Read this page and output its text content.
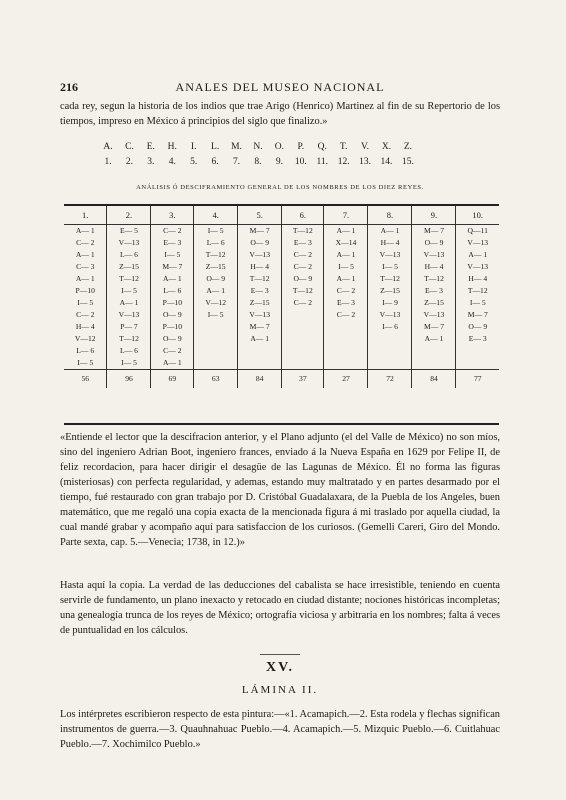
216	ANALES DEL MUSEO NACIONAL
cada rey, segun la historia de los indios que trae Arigo (Henrico) Martinez al fin de su Repertorio de los tiempos, impreso en México á principios del siglo que finalizo.»
A.	C.	E.	H.	I.	L.	M.	N.	O.	P.	Q.	T.	V.	X.	Z.
1.	2.	3.	4.	5.	6.	7.	8.	9.	10.	11.	12.	13.	14.	15.
ANÁLISIS Ó DESCIFRAMIENTO GENERAL DE LOS NOMBRES DE LOS DIEZ REYES.
1.	2.	3.	4.	5.	6.	7.	8.	9.	10.
A— 1	E— 5	C— 2	I— 5	M— 7	T—12	A— 1	A— 1	M— 7	Q—11
C— 2	V—13	E— 3	L— 6	O— 9	E— 3	X—14	H— 4	O— 9	V—13
A— 1	L— 6	I— 5	T—12	V—13	C— 2	A— 1	V—13	V—13	A— 1
C— 3	Z—15	M— 7	Z—15	H— 4	C— 2	I— 5	I— 5	H— 4	V—13
A— 1	T—12	A— 1	O— 9	T—12	O— 9	A— 1	T—12	T—12	H— 4
P—10	I— 5	L— 6	A— 1	E— 3	T—12	C— 2	Z—15	E— 3	T—12
I— 5	A— 1	P—10	V—12	Z—15	C— 2	E— 3	I— 9	Z—15	I— 5
C— 2	V—13	O— 9	I— 5	V—13		C— 2	V—13	V—13	M— 7
H— 4	P— 7	P—10		M— 7			I— 6	M— 7	O— 9
V—12	T—12	O— 9		A— 1				A— 1	E— 3
L— 6	L— 6	C— 2							
I— 5	I— 5	A— 1							
56	96	69	63	84	37	27	72	84	77
«Entiende el lector que la descifracion anterior, y el Plano adjunto (el del Valle de México) no son míos, sino del ingeniero Adrian Boot, ingeniero frances, enviado á la Nueva España en 1629 por Felipe II, de feliz recordacion, para hacer dirigir el desagüe de las Lagunas de México. Él no forma las figuras (misteriosas) con perfecta regularidad, y ademas, estando muy maltratado y en partes desarmado por el tiempo, fué restaurado con gran trabajo por D. Cristóbal Guadalaxara, de la Puebla de los Angeles, buen matemático, que me regaló una copia exacta de la mencionada figura á mi traslado por aquella ciudad, la cual mandé grabar y acompaño aquí para satisfaccion de los curiosos. (Gemelli Careri, Giro del Mondo. Parte sexta, cap. 5.—Venecia; 1738, in 12.)»
Hasta aquí la copia. La verdad de las deducciones del cabalista se hace irresistible, teniendo en cuenta servirle de fundamento, un plano inexacto y retocado en ciudad distante; nociones históricas incompletas; una genealogía trunca de los reyes de México; ortografía viciosa y arbitraria en los nombres; falta á veces de puntualidad en los cálculos.
XV.
LÁMINA II.
Los intérpretes escribieron respecto de esta pintura:—«1. Acamapich.—2. Esta rodela y flechas significan instrumentos de guerra.—3. Quauhnahuac Pueblo.—4. Acamapich.—5. Mizquic Pueblo.—6. Cuitlahuac Pueblo.—7. Xochimilco Pueblo.»
